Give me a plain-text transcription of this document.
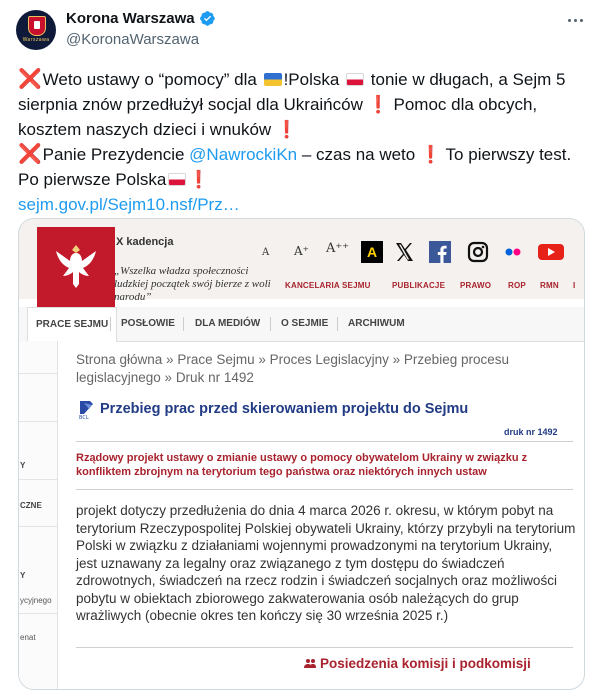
Warszawa
Korona Warszawa
@KoronaWarszawa

❌Weto ustawy o “pomocy” dla !Polska  tonie w długach, a Sejm 5 sierpnia znów przedłużył socjal dla Ukraińców ❗ Pomoc dla obcych, kosztem naszych dzieci i wnuków ❗

❌Panie Prezydencie @NawrockiKn – czas na weto ❗ To pierwszy test.

Po pierwsze Polska ❗

sejm.gov.pl/Sejm10.nsf/Prz…

X kadencja
„Wszelka władza społeczności ludzkiej początek swój bierze z woli narodu”
A A⁺ A⁺⁺	A
KANCELARIA SEJMU	PUBLIKACJE PRAWO ROP RMN I
PRACE SEJMU	POSŁOWIE DLA MEDIÓW O SEJMIE ARCHIWUM
Y
CZNE
Y
ycyjnego
enat
Strona główna » Prace Sejmu » Proces Legislacyjny » Przebieg procesu legislacyjnego » Druk nr 1492
BCL
Przebieg prac przed skierowaniem projektu do Sejmu
druk nr 1492
Rządowy projekt ustawy o zmianie ustawy o pomocy obywatelom Ukrainy w związku z konfliktem zbrojnym na terytorium tego państwa oraz niektórych innych ustaw
projekt dotyczy przedłużenia do dnia 4 marca 2026 r. okresu, w którym pobyt na terytorium Rzeczypospolitej Polskiej obywateli Ukrainy, którzy przybyli na terytorium Polski w związku z działaniami wojennymi prowadzonymi na terytorium Ukrainy, jest uznawany za legalny oraz związanego z tym dostępu do świadczeń zdrowotnych, świadczeń na rzecz rodzin i świadczeń socjalnych oraz możliwości pobytu w obiektach zbiorowego zakwaterowania osób należących do grup wrażliwych (obecnie okres ten kończy się 30 września 2025 r.)
Posiedzenia komisji i podkomisji
